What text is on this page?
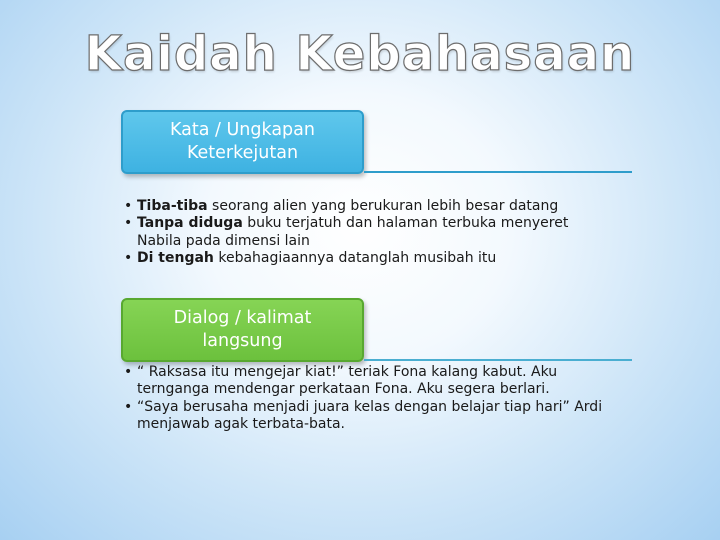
Kaidah Kebahasaan
Kata / Ungkapan
Keterkejutan
• Tiba-tiba seorang alien yang berukuran lebih besar datang
• Tanpa diduga buku terjatuh dan halaman terbuka menyeret Nabila pada dimensi lain
• Di tengah kebahagiaannya datanglah musibah itu
Dialog / kalimat
langsung
• “ Raksasa itu mengejar kiat!” teriak Fona kalang kabut. Aku ternganga mendengar perkataan Fona. Aku segera berlari.
• “Saya berusaha menjadi juara kelas dengan belajar tiap hari” Ardi menjawab agak terbata-bata.
